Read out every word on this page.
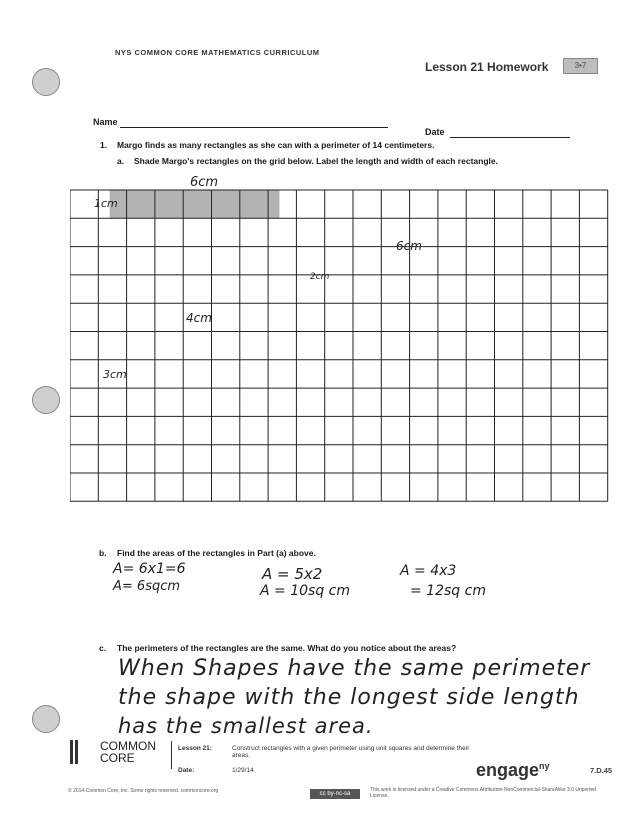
NYS COMMON CORE MATHEMATICS CURRICULUM
Lesson 21 Homework	3•7
Name
Date
1. Margo finds as many rectangles as she can with a perimeter of 14 centimeters.
a. Shade Margo's rectangles on the grid below. Label the length and width of each rectangle.
6cm
1cm
6cm
2cm
4cm
3cm
b. Find the areas of the rectangles in Part (a) above.
A= 6x1=6
A= 6sqcm
A = 5x2
A = 10sq cm
A = 4x3
= 12sq cm
c. The perimeters of the rectangles are the same. What do you notice about the areas?
When Shapes have the same perimeter
the shape with the longest side length
has the smallest area.
COMMON
CORE
Lesson 21:	Construct rectangles with a given perimeter using unit squares and determine their areas.
Date:	1/29/14	engage$^{ny}$	7.D.45
© 2014 Common Core, Inc. Some rights reserved. commoncore.org	cc by-nc-sa
This work is licensed under a Creative Commons Attribution-NonCommercial-ShareAlike 3.0 Unported License.
